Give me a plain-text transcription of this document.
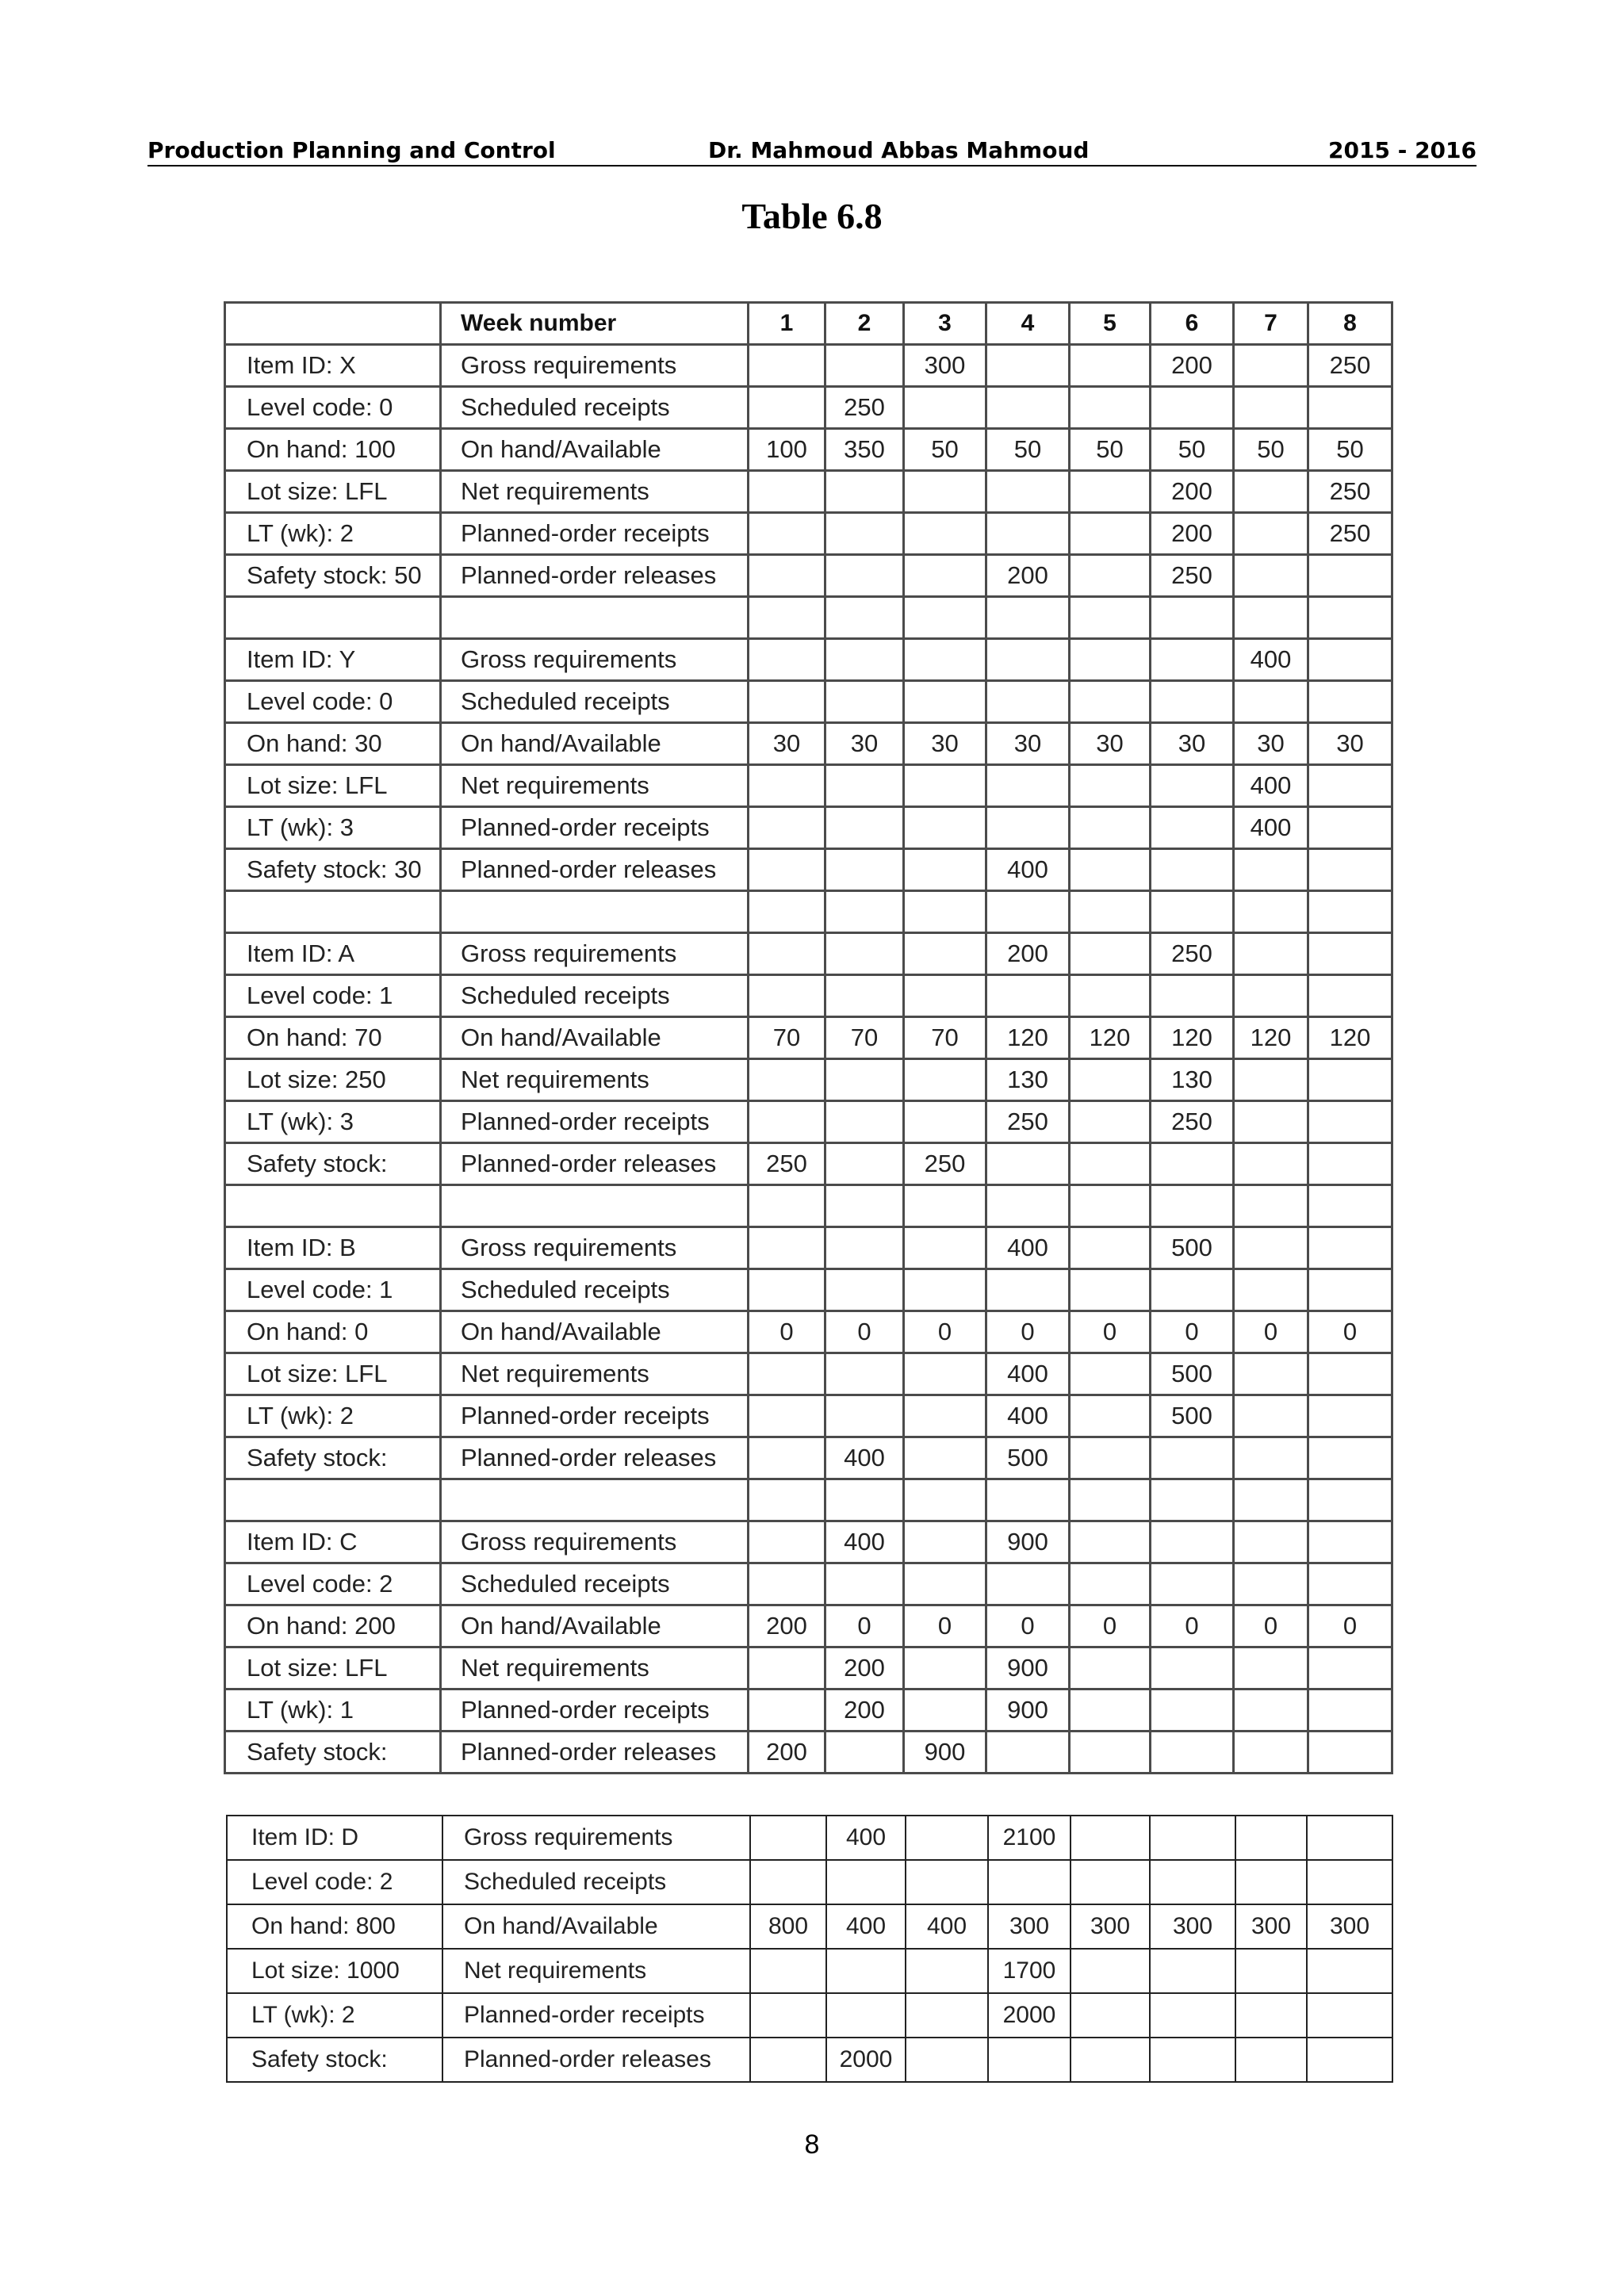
Production Planning and Control	Dr. Mahmoud Abbas Mahmoud	2015 - 2016
Table 6.8
	Week number	1	2	3	4	5	6	7	8
Item ID: X	Gross requirements			300			200		250
Level code: 0	Scheduled receipts		250						
On hand: 100	On hand/Available	100	350	50	50	50	50	50	50
Lot size: LFL	Net requirements						200		250
LT (wk): 2	Planned-order receipts						200		250
Safety stock: 50	Planned-order releases				200		250		

Item ID: Y	Gross requirements							400	
Level code: 0	Scheduled receipts								
On hand: 30	On hand/Available	30	30	30	30	30	30	30	30
Lot size: LFL	Net requirements							400	
LT (wk): 3	Planned-order receipts							400	
Safety stock: 30	Planned-order releases				400				

Item ID: A	Gross requirements				200		250		
Level code: 1	Scheduled receipts								
On hand: 70	On hand/Available	70	70	70	120	120	120	120	120
Lot size: 250	Net requirements				130		130		
LT (wk): 3	Planned-order receipts				250		250		
Safety stock:	Planned-order releases	250		250					

Item ID: B	Gross requirements				400		500		
Level code: 1	Scheduled receipts								
On hand: 0	On hand/Available	0	0	0	0	0	0	0	0
Lot size: LFL	Net requirements				400		500		
LT (wk): 2	Planned-order receipts				400		500		
Safety stock:	Planned-order releases		400		500				

Item ID: C	Gross requirements		400		900				
Level code: 2	Scheduled receipts								
On hand: 200	On hand/Available	200	0	0	0	0	0	0	0
Lot size: LFL	Net requirements		200		900				
LT (wk): 1	Planned-order receipts		200		900				
Safety stock:	Planned-order releases	200		900					
Item ID: D	Gross requirements		400		2100				
Level code: 2	Scheduled receipts								
On hand: 800	On hand/Available	800	400	400	300	300	300	300	300
Lot size: 1000	Net requirements				1700				
LT (wk): 2	Planned-order receipts				2000				
Safety stock:	Planned-order releases		2000						
8
